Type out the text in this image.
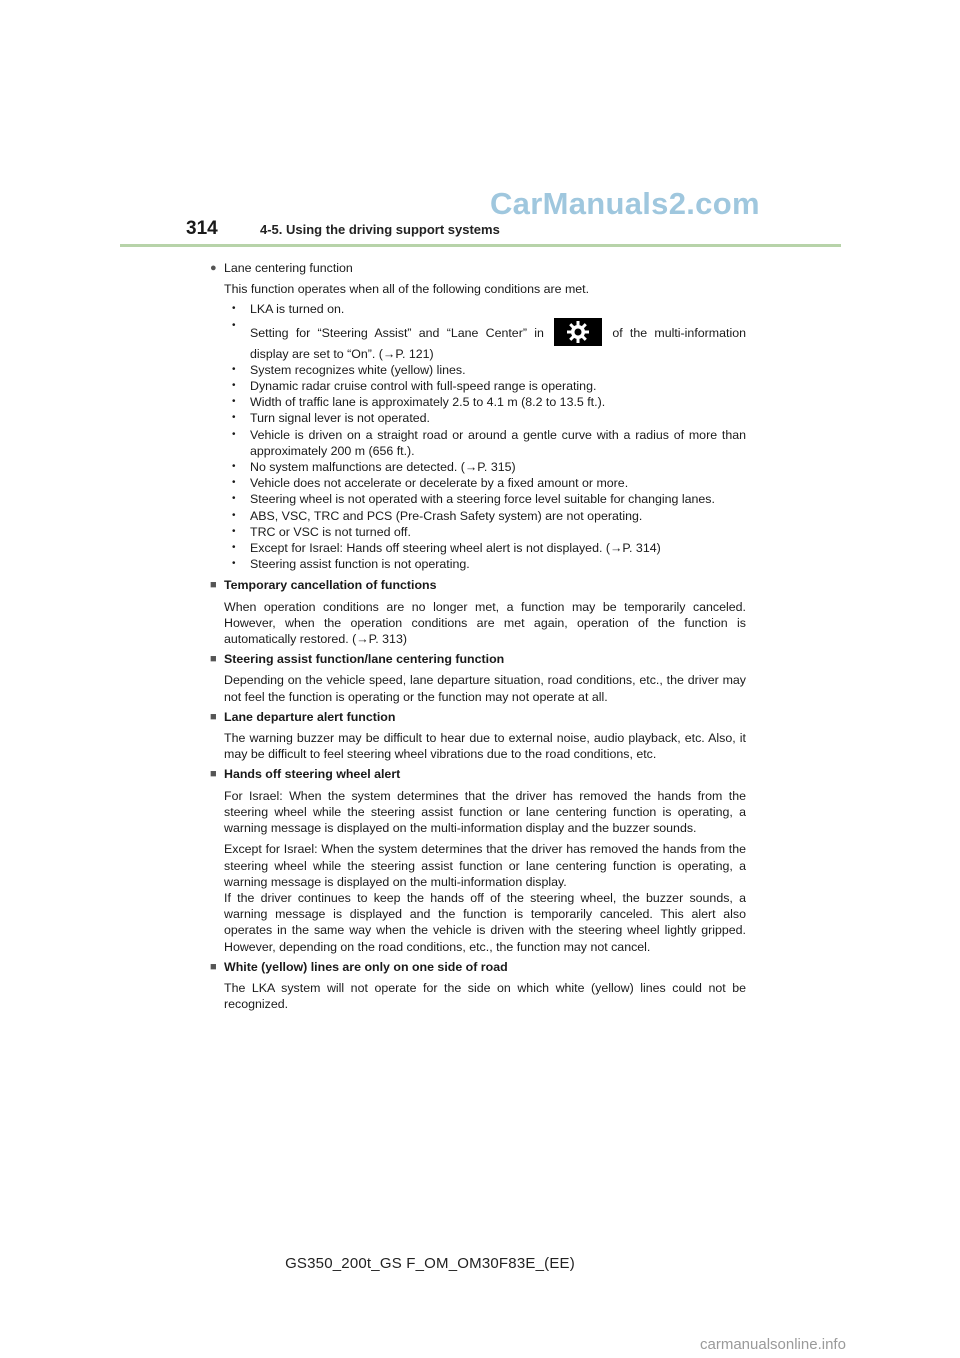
CarManuals2.com
314	4-5. Using the driving support systems
● Lane centering function
This function operates when all of the following conditions are met.
• LKA is turned on.
• Setting for “Steering Assist” and “Lane Center” in	of the multi-information display are set to “On”. (→P. 121)
• System recognizes white (yellow) lines.
• Dynamic radar cruise control with full-speed range is operating.
• Width of traffic lane is approximately 2.5 to 4.1 m (8.2 to 13.5 ft.).
• Turn signal lever is not operated.
• Vehicle is driven on a straight road or around a gentle curve with a radius of more than approximately 200 m (656 ft.).
• No system malfunctions are detected. (→P. 315)
• Vehicle does not accelerate or decelerate by a fixed amount or more.
• Steering wheel is not operated with a steering force level suitable for changing lanes.
• ABS, VSC, TRC and PCS (Pre-Crash Safety system) are not operating.
• TRC or VSC is not turned off.
• Except for Israel: Hands off steering wheel alert is not displayed. (→P. 314)
• Steering assist function is not operating.
■ Temporary cancellation of functions
When operation conditions are no longer met, a function may be temporarily canceled. However, when the operation conditions are met again, operation of the function is automatically restored. (→P. 313)
■ Steering assist function/lane centering function
Depending on the vehicle speed, lane departure situation, road conditions, etc., the driver may not feel the function is operating or the function may not operate at all.
■ Lane departure alert function
The warning buzzer may be difficult to hear due to external noise, audio playback, etc. Also, it may be difficult to feel steering wheel vibrations due to the road conditions, etc.
■ Hands off steering wheel alert
For Israel: When the system determines that the driver has removed the hands from the steering wheel while the steering assist function or lane centering function is operating, a warning message is displayed on the multi-information display and the buzzer sounds.
Except for Israel: When the system determines that the driver has removed the hands from the steering wheel while the steering assist function or lane centering function is operating, a warning message is displayed on the multi-information display.
If the driver continues to keep the hands off of the steering wheel, the buzzer sounds, a warning message is displayed and the function is temporarily canceled. This alert also operates in the same way when the vehicle is driven with the steering wheel lightly gripped. However, depending on the road conditions, etc., the function may not cancel.
■ White (yellow) lines are only on one side of road
The LKA system will not operate for the side on which white (yellow) lines could not be recognized.
GS350_200t_GS F_OM_OM30F83E_(EE)
carmanualsonline.info
